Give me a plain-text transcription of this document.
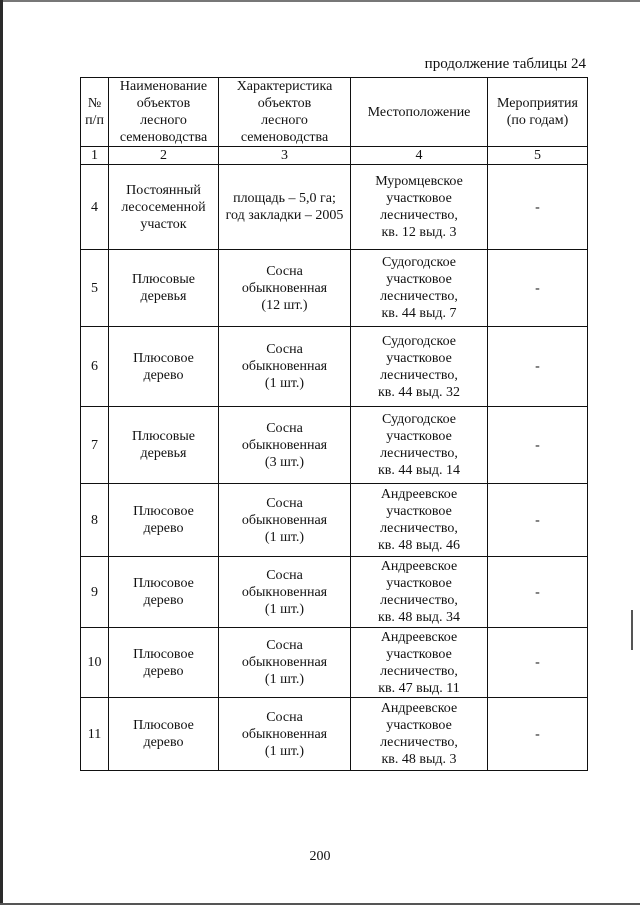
продолжение таблицы 24
№
п/п	Наименование
объектов
лесного
семеноводства	Характеристика
объектов
лесного
семеноводства	Местоположение	Мероприятия
(по годам)
1	2	3	4	5
4	Постоянный
лесосеменной
участок	площадь – 5,0 га;
год закладки – 2005	Муромцевское
участковое
лесничество,
кв. 12 выд. 3	-
5	Плюсовые
деревья	Сосна
обыкновенная
(12 шт.)	Судогодское
участковое
лесничество,
кв. 44 выд. 7	-
6	Плюсовое
дерево	Сосна
обыкновенная
(1 шт.)	Судогодское
участковое
лесничество,
кв. 44 выд. 32	-
7	Плюсовые
деревья	Сосна
обыкновенная
(3 шт.)	Судогодское
участковое
лесничество,
кв. 44 выд. 14	-
8	Плюсовое
дерево	Сосна
обыкновенная
(1 шт.)	Андреевское
участковое
лесничество,
кв. 48 выд. 46	-
9	Плюсовое
дерево	Сосна
обыкновенная
(1 шт.)	Андреевское
участковое
лесничество,
кв. 48 выд. 34	-
10	Плюсовое
дерево	Сосна
обыкновенная
(1 шт.)	Андреевское
участковое
лесничество,
кв. 47 выд. 11	-
11	Плюсовое
дерево	Сосна
обыкновенная
(1 шт.)	Андреевское
участковое
лесничество,
кв. 48 выд. 3	-
200
